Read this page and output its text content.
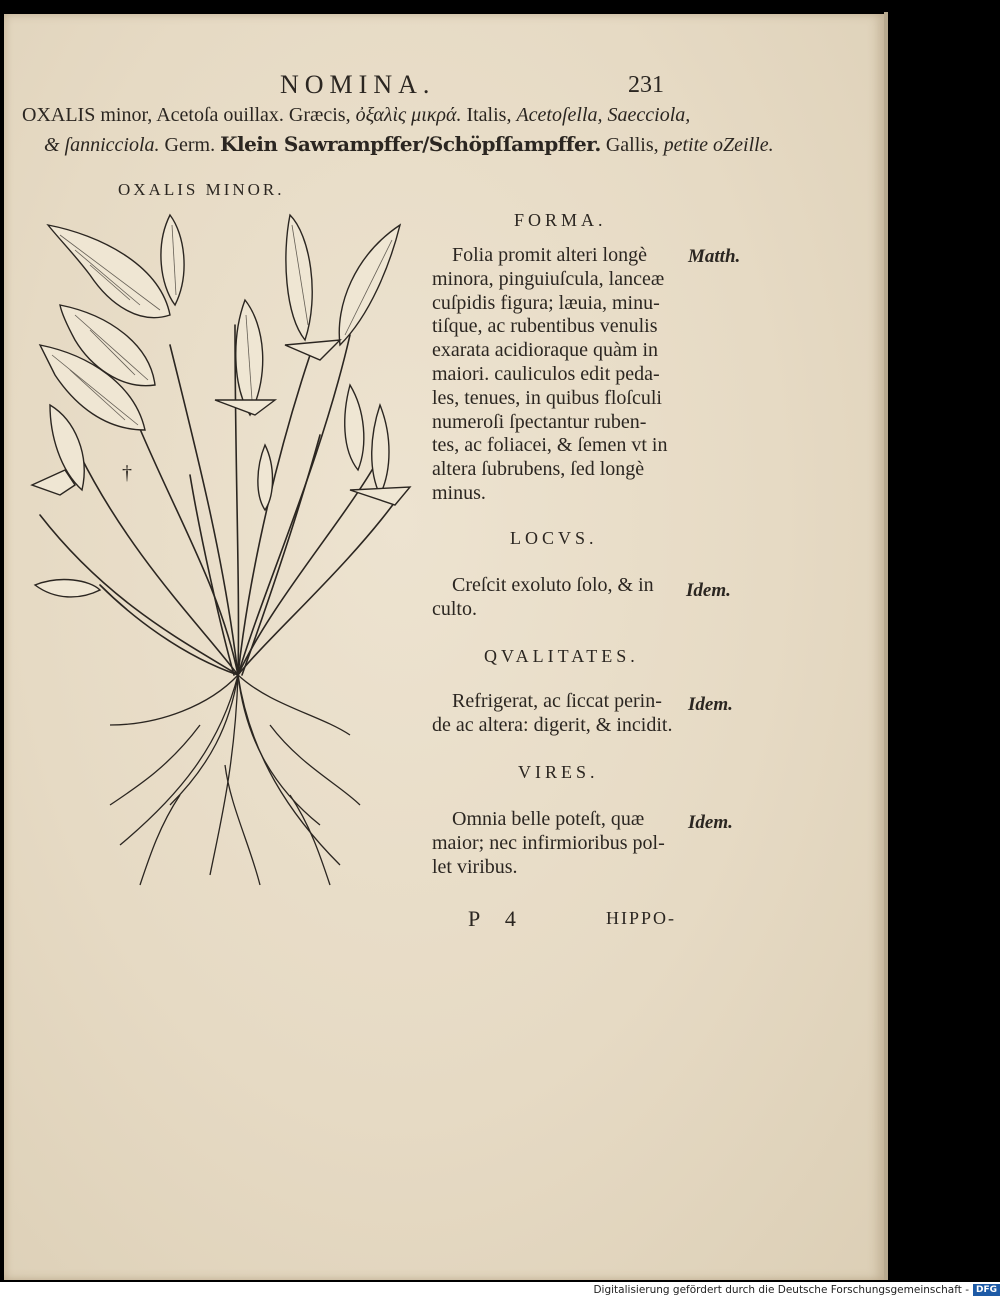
NOMINA.	231
OXALIS minor, Acetoſa ouillax. Græcis, ὀξαλὶς μικρά. Italis, Acetoſella, Saecciola,
& ſannicciola. Germ. Klein Sawrampffer/Schöpſſampffer. Gallis, petite oZeille.
OXALIS MINOR.
†
FORMA.
Matth.
Folia promit alteri longè
minora, pinguiuſcula, lanceæ
cuſpidis figura; læuia, minu-
tiſque, ac rubentibus venulis
exarata acidioraque quàm in
maiori. cauliculos edit peda-
les, tenues, in quibus floſculi
numeroſi ſpectantur ruben-
tes, ac foliacei, & ſemen vt in
altera ſubrubens, ſed longè
minus.
LOCVS.
Idem.
Creſcit exoluto ſolo, & in
culto.
QVALITATES.
Idem.
Refrigerat, ac ſiccat perin-
de ac altera: digerit, & incidit.
VIRES.
Idem.
Omnia belle poteſt, quæ
maior; nec infirmioribus pol-
let viribus.
P 4	HIPPO-
Digitalisierung gefördert durch die Deutsche Forschungsgemeinschaft - DFG
